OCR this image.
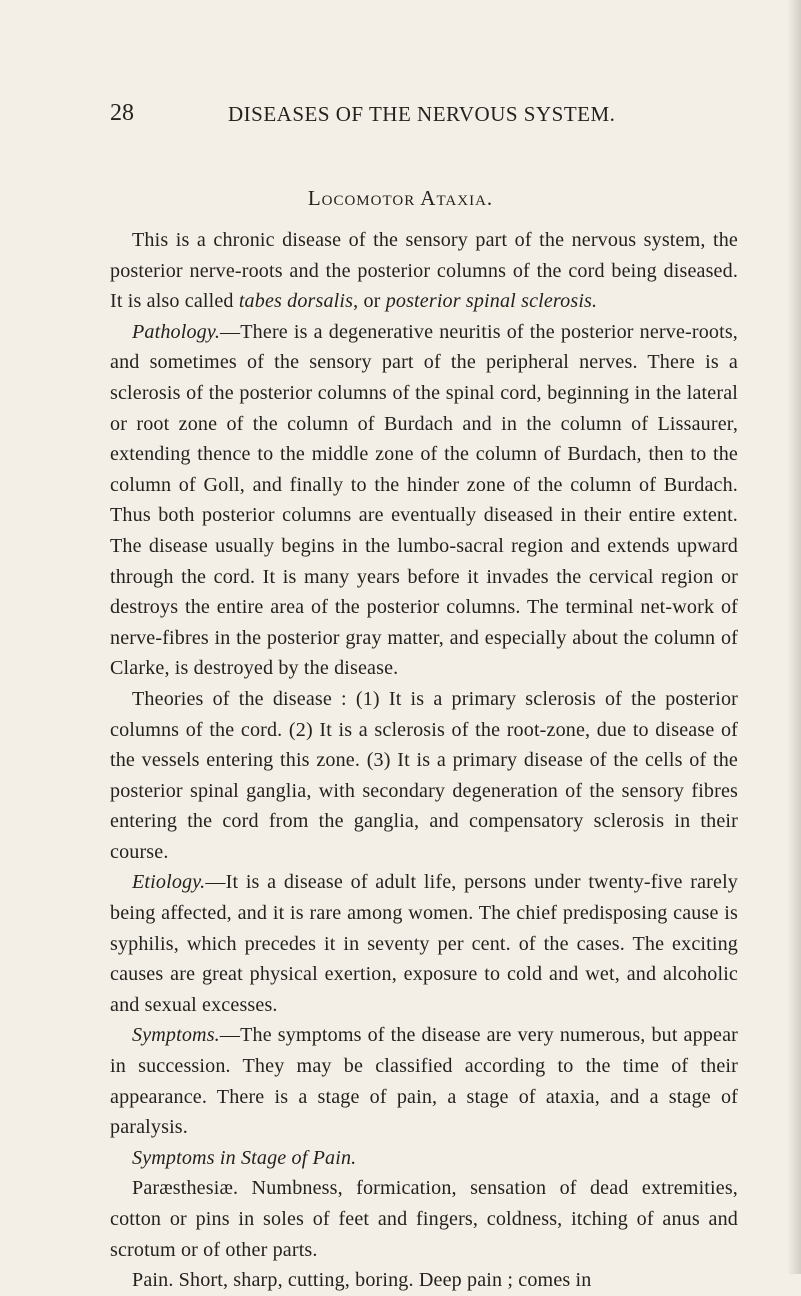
28	DISEASES OF THE NERVOUS SYSTEM.
Locomotor Ataxia.

This is a chronic disease of the sensory part of the nervous system, the posterior nerve-roots and the posterior columns of the cord being diseased. It is also called tabes dorsalis, or posterior spinal sclerosis.

Pathology.—There is a degenerative neuritis of the posterior nerve-roots, and sometimes of the sensory part of the peripheral nerves. There is a sclerosis of the posterior columns of the spinal cord, beginning in the lateral or root zone of the column of Burdach and in the column of Lissaurer, extending thence to the middle zone of the column of Burdach, then to the column of Goll, and finally to the hinder zone of the column of Burdach. Thus both posterior columns are eventually diseased in their entire extent. The disease usually begins in the lumbo-sacral region and extends upward through the cord. It is many years before it invades the cervical region or destroys the entire area of the posterior columns. The terminal net-work of nerve-fibres in the posterior gray matter, and especially about the column of Clarke, is destroyed by the disease.

Theories of the disease : (1) It is a primary sclerosis of the posterior columns of the cord. (2) It is a sclerosis of the root-zone, due to disease of the vessels entering this zone. (3) It is a primary disease of the cells of the posterior spinal ganglia, with secondary degeneration of the sensory fibres entering the cord from the ganglia, and compensatory sclerosis in their course.

Etiology.—It is a disease of adult life, persons under twenty-five rarely being affected, and it is rare among women. The chief predisposing cause is syphilis, which precedes it in seventy per cent. of the cases. The exciting causes are great physical exertion, exposure to cold and wet, and alcoholic and sexual excesses.

Symptoms.—The symptoms of the disease are very numerous, but appear in succession. They may be classified according to the time of their appearance. There is a stage of pain, a stage of ataxia, and a stage of paralysis.

Symptoms in Stage of Pain.

Paræsthesiæ. Numbness, formication, sensation of dead extremities, cotton or pins in soles of feet and fingers, coldness, itching of anus and scrotum or of other parts.

Pain. Short, sharp, cutting, boring. Deep pain ; comes in
